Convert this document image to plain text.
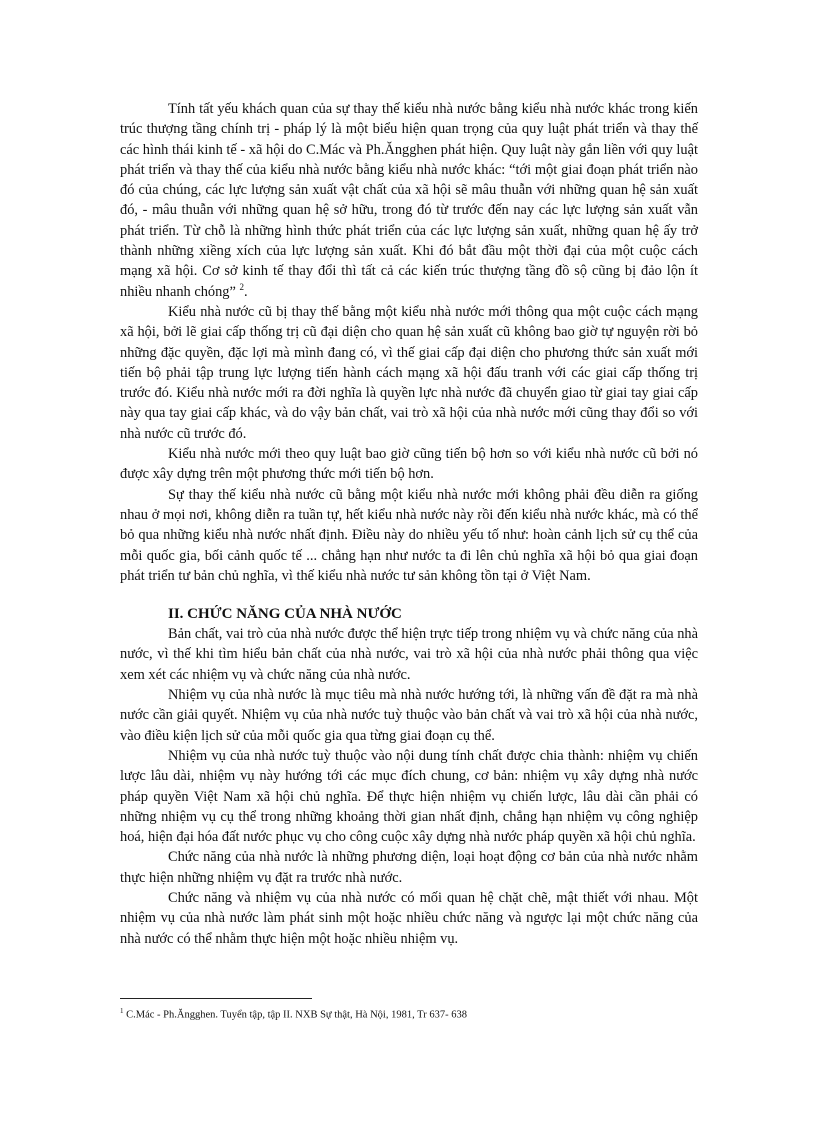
Tính tất yếu khách quan của sự thay thế kiểu nhà nước bằng kiểu nhà nước khác trong kiến trúc thượng tầng chính trị - pháp lý là một biểu hiện quan trọng của quy luật phát triển và thay thế các hình thái kinh tế - xã hội do C.Mác và Ph.Ăngghen phát hiện. Quy luật này gắn liền với quy luật phát triển và thay thế của kiểu nhà nước bằng kiểu nhà nước khác: “tới một giai đoạn phát triển nào đó của chúng, các lực lượng sản xuất vật chất của xã hội sẽ mâu thuẫn với những quan hệ sản xuất đó, - mâu thuẫn với những quan hệ sở hữu, trong đó từ trước đến nay các lực lượng sản xuất vẫn phát triển. Từ chỗ là những hình thức phát triển của các lực lượng sản xuất, những quan hệ ấy trở thành những xiềng xích của lực lượng sản xuất. Khi đó bắt đầu một thời đại của một cuộc cách mạng xã hội. Cơ sở kinh tế thay đổi thì tất cả các kiến trúc thượng tầng đồ sộ cũng bị đảo lộn ít nhiều nhanh chóng” $^2$.

Kiểu nhà nước cũ bị thay thế bằng một kiểu nhà nước mới thông qua một cuộc cách mạng xã hội, bởi lẽ giai cấp thống trị cũ đại diện cho quan hệ sản xuất cũ không bao giờ tự nguyện rời bỏ những đặc quyền, đặc lợi mà mình đang có, vì thế giai cấp đại diện cho phương thức sản xuất mới tiến bộ phải tập trung lực lượng tiến hành cách mạng xã hội đấu tranh với các giai cấp thống trị trước đó. Kiểu nhà nước mới ra đời nghĩa là quyền lực nhà nước đã chuyển giao từ giai tay giai cấp này qua tay giai cấp khác, và do vậy bản chất, vai trò xã hội của nhà nước mới cũng thay đổi so với nhà nước cũ trước đó.

Kiểu nhà nước mới theo quy luật bao giờ cũng tiến bộ hơn so với kiểu nhà nước cũ bởi nó được xây dựng trên một phương thức mới tiến bộ hơn.

Sự thay thế kiểu nhà nước cũ bằng một kiểu nhà nước mới không phải đều diễn ra giống nhau ở mọi nơi, không diễn ra tuần tự, hết kiểu nhà nước này rồi đến kiểu nhà nước khác, mà có thể bỏ qua những kiểu nhà nước nhất định. Điều này do nhiều yếu tố như: hoàn cảnh lịch sử cụ thể của mỗi quốc gia, bối cảnh quốc tế ... chẳng hạn như nước ta đi lên chủ nghĩa xã hội bỏ qua giai đoạn phát triển tư bản chủ nghĩa, vì thế kiểu nhà nước tư sản không tồn tại ở Việt Nam.

II. CHỨC NĂNG CỦA NHÀ NƯỚC

Bản chất, vai trò của nhà nước được thể hiện trực tiếp trong nhiệm vụ và chức năng của nhà nước, vì thế khi tìm hiểu bản chất của nhà nước, vai trò xã hội của nhà nước phải thông qua việc xem xét các nhiệm vụ và chức năng của nhà nước.

Nhiệm vụ của nhà nước là mục tiêu mà nhà nước hướng tới, là những vấn đề đặt ra mà nhà nước cần giải quyết. Nhiệm vụ của nhà nước tuỳ thuộc vào bản chất và vai trò xã hội của nhà nước, vào điều kiện lịch sử của mỗi quốc gia qua từng giai đoạn cụ thể.

Nhiệm vụ của nhà nước tuỳ thuộc vào nội dung tính chất được chia thành: nhiệm vụ chiến lược lâu dài, nhiệm vụ này hướng tới các mục đích chung, cơ bản: nhiệm vụ xây dựng nhà nước pháp quyền Việt Nam xã hội chủ nghĩa. Để thực hiện nhiệm vụ chiến lược, lâu dài cần phải có những nhiệm vụ cụ thể trong những khoảng thời gian nhất định, chẳng hạn nhiệm vụ công nghiệp hoá, hiện đại hóa đất nước phục vụ cho công cuộc xây dựng nhà nước pháp quyền xã hội chủ nghĩa.

Chức năng của nhà nước là những phương diện, loại hoạt động cơ bản của nhà nước nhằm thực hiện những nhiệm vụ đặt ra trước nhà nước.

Chức năng và nhiệm vụ của nhà nước có mối quan hệ chặt chẽ, mật thiết với nhau. Một nhiệm vụ của nhà nước làm phát sinh một hoặc nhiều chức năng và ngược lại một chức năng của nhà nước có thể nhằm thực hiện một hoặc nhiều nhiệm vụ.

$^1$ C.Mác - Ph.Ăngghen. Tuyển tập, tập II. NXB Sự thật, Hà Nội, 1981, Tr 637- 638
